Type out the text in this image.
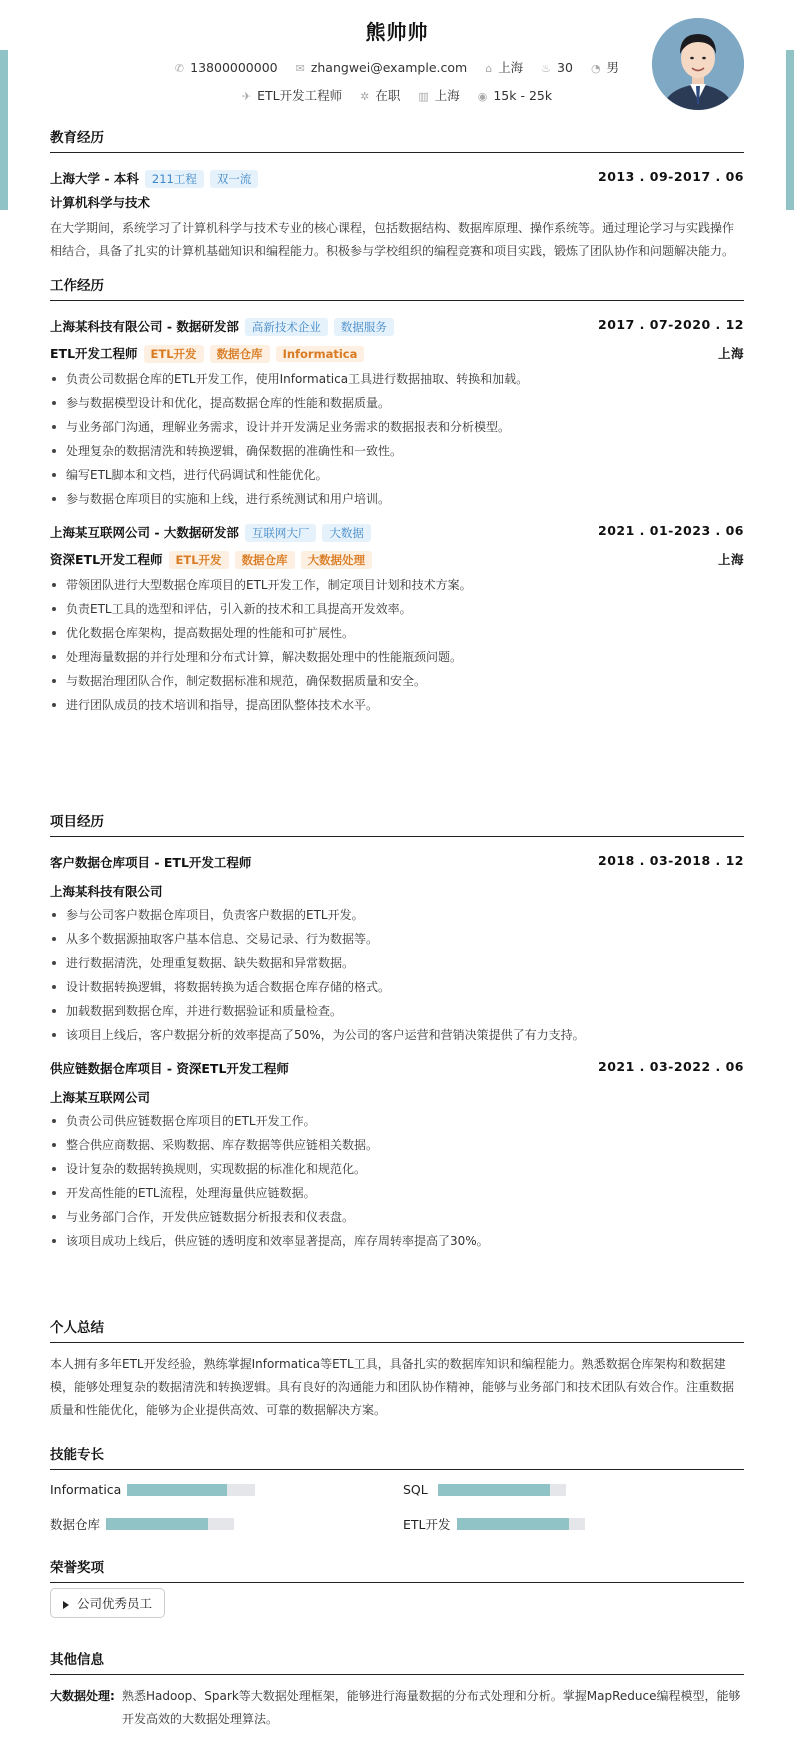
熊帅帅
✆ 13800000000 ✉ zhangwei@example.com ⌂ 上海 ♨ 30 ◔ 男
✈ ETL开发工程师 ✲ 在职 ▥ 上海 ◉ 15k - 25k
教育经历
上海大学 - 本科 211工程 双一流	2013 . 09-2017 . 06
计算机科学与技术
在大学期间，系统学习了计算机科学与技术专业的核心课程，包括数据结构、数据库原理、操作系统等。通过理论学习与实践操作相结合，具备了扎实的计算机基础知识和编程能力。积极参与学校组织的编程竞赛和项目实践，锻炼了团队协作和问题解决能力。
工作经历
上海某科技有限公司 - 数据研发部 高新技术企业 数据服务	2017 . 07-2020 . 12
ETL开发工程师 ETL开发 数据仓库 Informatica	上海
负责公司数据仓库的ETL开发工作，使用Informatica工具进行数据抽取、转换和加载。
参与数据模型设计和优化，提高数据仓库的性能和数据质量。
与业务部门沟通，理解业务需求，设计并开发满足业务需求的数据报表和分析模型。
处理复杂的数据清洗和转换逻辑，确保数据的准确性和一致性。
编写ETL脚本和文档，进行代码调试和性能优化。
参与数据仓库项目的实施和上线，进行系统测试和用户培训。
上海某互联网公司 - 大数据研发部 互联网大厂 大数据	2021 . 01-2023 . 06
资深ETL开发工程师 ETL开发 数据仓库 大数据处理	上海
带领团队进行大型数据仓库项目的ETL开发工作，制定项目计划和技术方案。
负责ETL工具的选型和评估，引入新的技术和工具提高开发效率。
优化数据仓库架构，提高数据处理的性能和可扩展性。
处理海量数据的并行处理和分布式计算，解决数据处理中的性能瓶颈问题。
与数据治理团队合作，制定数据标准和规范，确保数据质量和安全。
进行团队成员的技术培训和指导，提高团队整体技术水平。
项目经历
客户数据仓库项目 - ETL开发工程师	2018 . 03-2018 . 12
上海某科技有限公司
参与公司客户数据仓库项目，负责客户数据的ETL开发。
从多个数据源抽取客户基本信息、交易记录、行为数据等。
进行数据清洗，处理重复数据、缺失数据和异常数据。
设计数据转换逻辑，将数据转换为适合数据仓库存储的格式。
加载数据到数据仓库，并进行数据验证和质量检查。
该项目上线后，客户数据分析的效率提高了50%，为公司的客户运营和营销决策提供了有力支持。
供应链数据仓库项目 - 资深ETL开发工程师	2021 . 03-2022 . 06
上海某互联网公司
负责公司供应链数据仓库项目的ETL开发工作。
整合供应商数据、采购数据、库存数据等供应链相关数据。
设计复杂的数据转换规则，实现数据的标准化和规范化。
开发高性能的ETL流程，处理海量供应链数据。
与业务部门合作，开发供应链数据分析报表和仪表盘。
该项目成功上线后，供应链的透明度和效率显著提高，库存周转率提高了30%。
个人总结
本人拥有多年ETL开发经验，熟练掌握Informatica等ETL工具，具备扎实的数据库知识和编程能力。熟悉数据仓库架构和数据建模，能够处理复杂的数据清洗和转换逻辑。具有良好的沟通能力和团队协作精神，能够与业务部门和技术团队有效合作。注重数据质量和性能优化，能够为企业提供高效、可靠的数据解决方案。
技能专长
Informatica	SQL
数据仓库	ETL开发
荣誉奖项
公司优秀员工
其他信息
大数据处理: 熟悉Hadoop、Spark等大数据处理框架，能够进行海量数据的分布式处理和分析。掌握MapReduce编程模型，能够开发高效的大数据处理算法。
